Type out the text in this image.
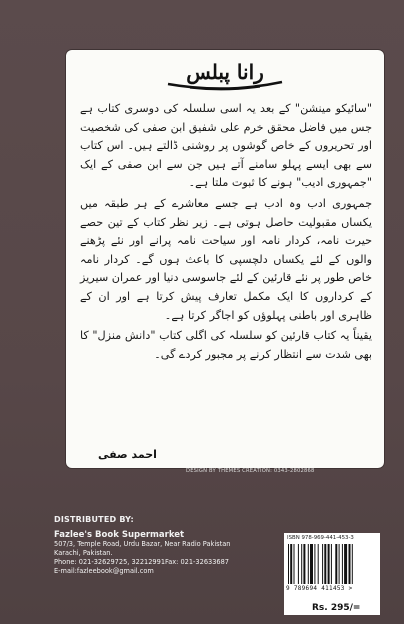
رانا پبلس

"سائیکو مینشن" کے بعد یہ اسی سلسلہ کی دوسری کتاب ہے جس میں فاضل محقق خرم علی شفیق ابن صفی کی شخصیت اور تحریروں کے خاص گوشوں پر روشنی ڈالتے ہیں۔ اس کتاب سے بھی ایسے پہلو سامنے آتے ہیں جن سے ابن صفی کے ایک "جمہوری ادیب" ہونے کا ثبوت ملتا ہے۔

جمہوری ادب وہ ادب ہے جسے معاشرے کے ہر طبقہ میں یکساں مقبولیت حاصل ہوتی ہے۔ زیر نظر کتاب کے تین حصے حیرت نامہ، کردار نامہ اور سیاحت نامہ پرانے اور نئے پڑھنے والوں کے لئے یکساں دلچسپی کا باعث ہوں گے۔ کردار نامہ خاص طور پر نئے قارئین کے لئے جاسوسی دنیا اور عمران سیریز کے کرداروں کا ایک مکمل تعارف پیش کرتا ہے اور ان کے ظاہری اور باطنی پہلوؤں کو اجاگر کرتا ہے۔

یقیناً یہ کتاب قارئین کو سلسلہ کی اگلی کتاب "دانش منزل" کا بھی شدت سے انتظار کرنے پر مجبور کردے گی۔

احمد صفی
DESIGN BY THEMES CREATION: 0343-2802868
DISTRIBUTED BY:
Fazlee's Book Supermarket
507/3, Temple Road, Urdu Bazar, Near Radio Pakistan
Karachi, Pakistan.
Phone: 021-32629725, 32212991Fax: 021-32633687
E-mail:fazleebook@gmail.com
ISBN 978-969-441-453-3
9 789694 411453 >
Rs. 295/=
